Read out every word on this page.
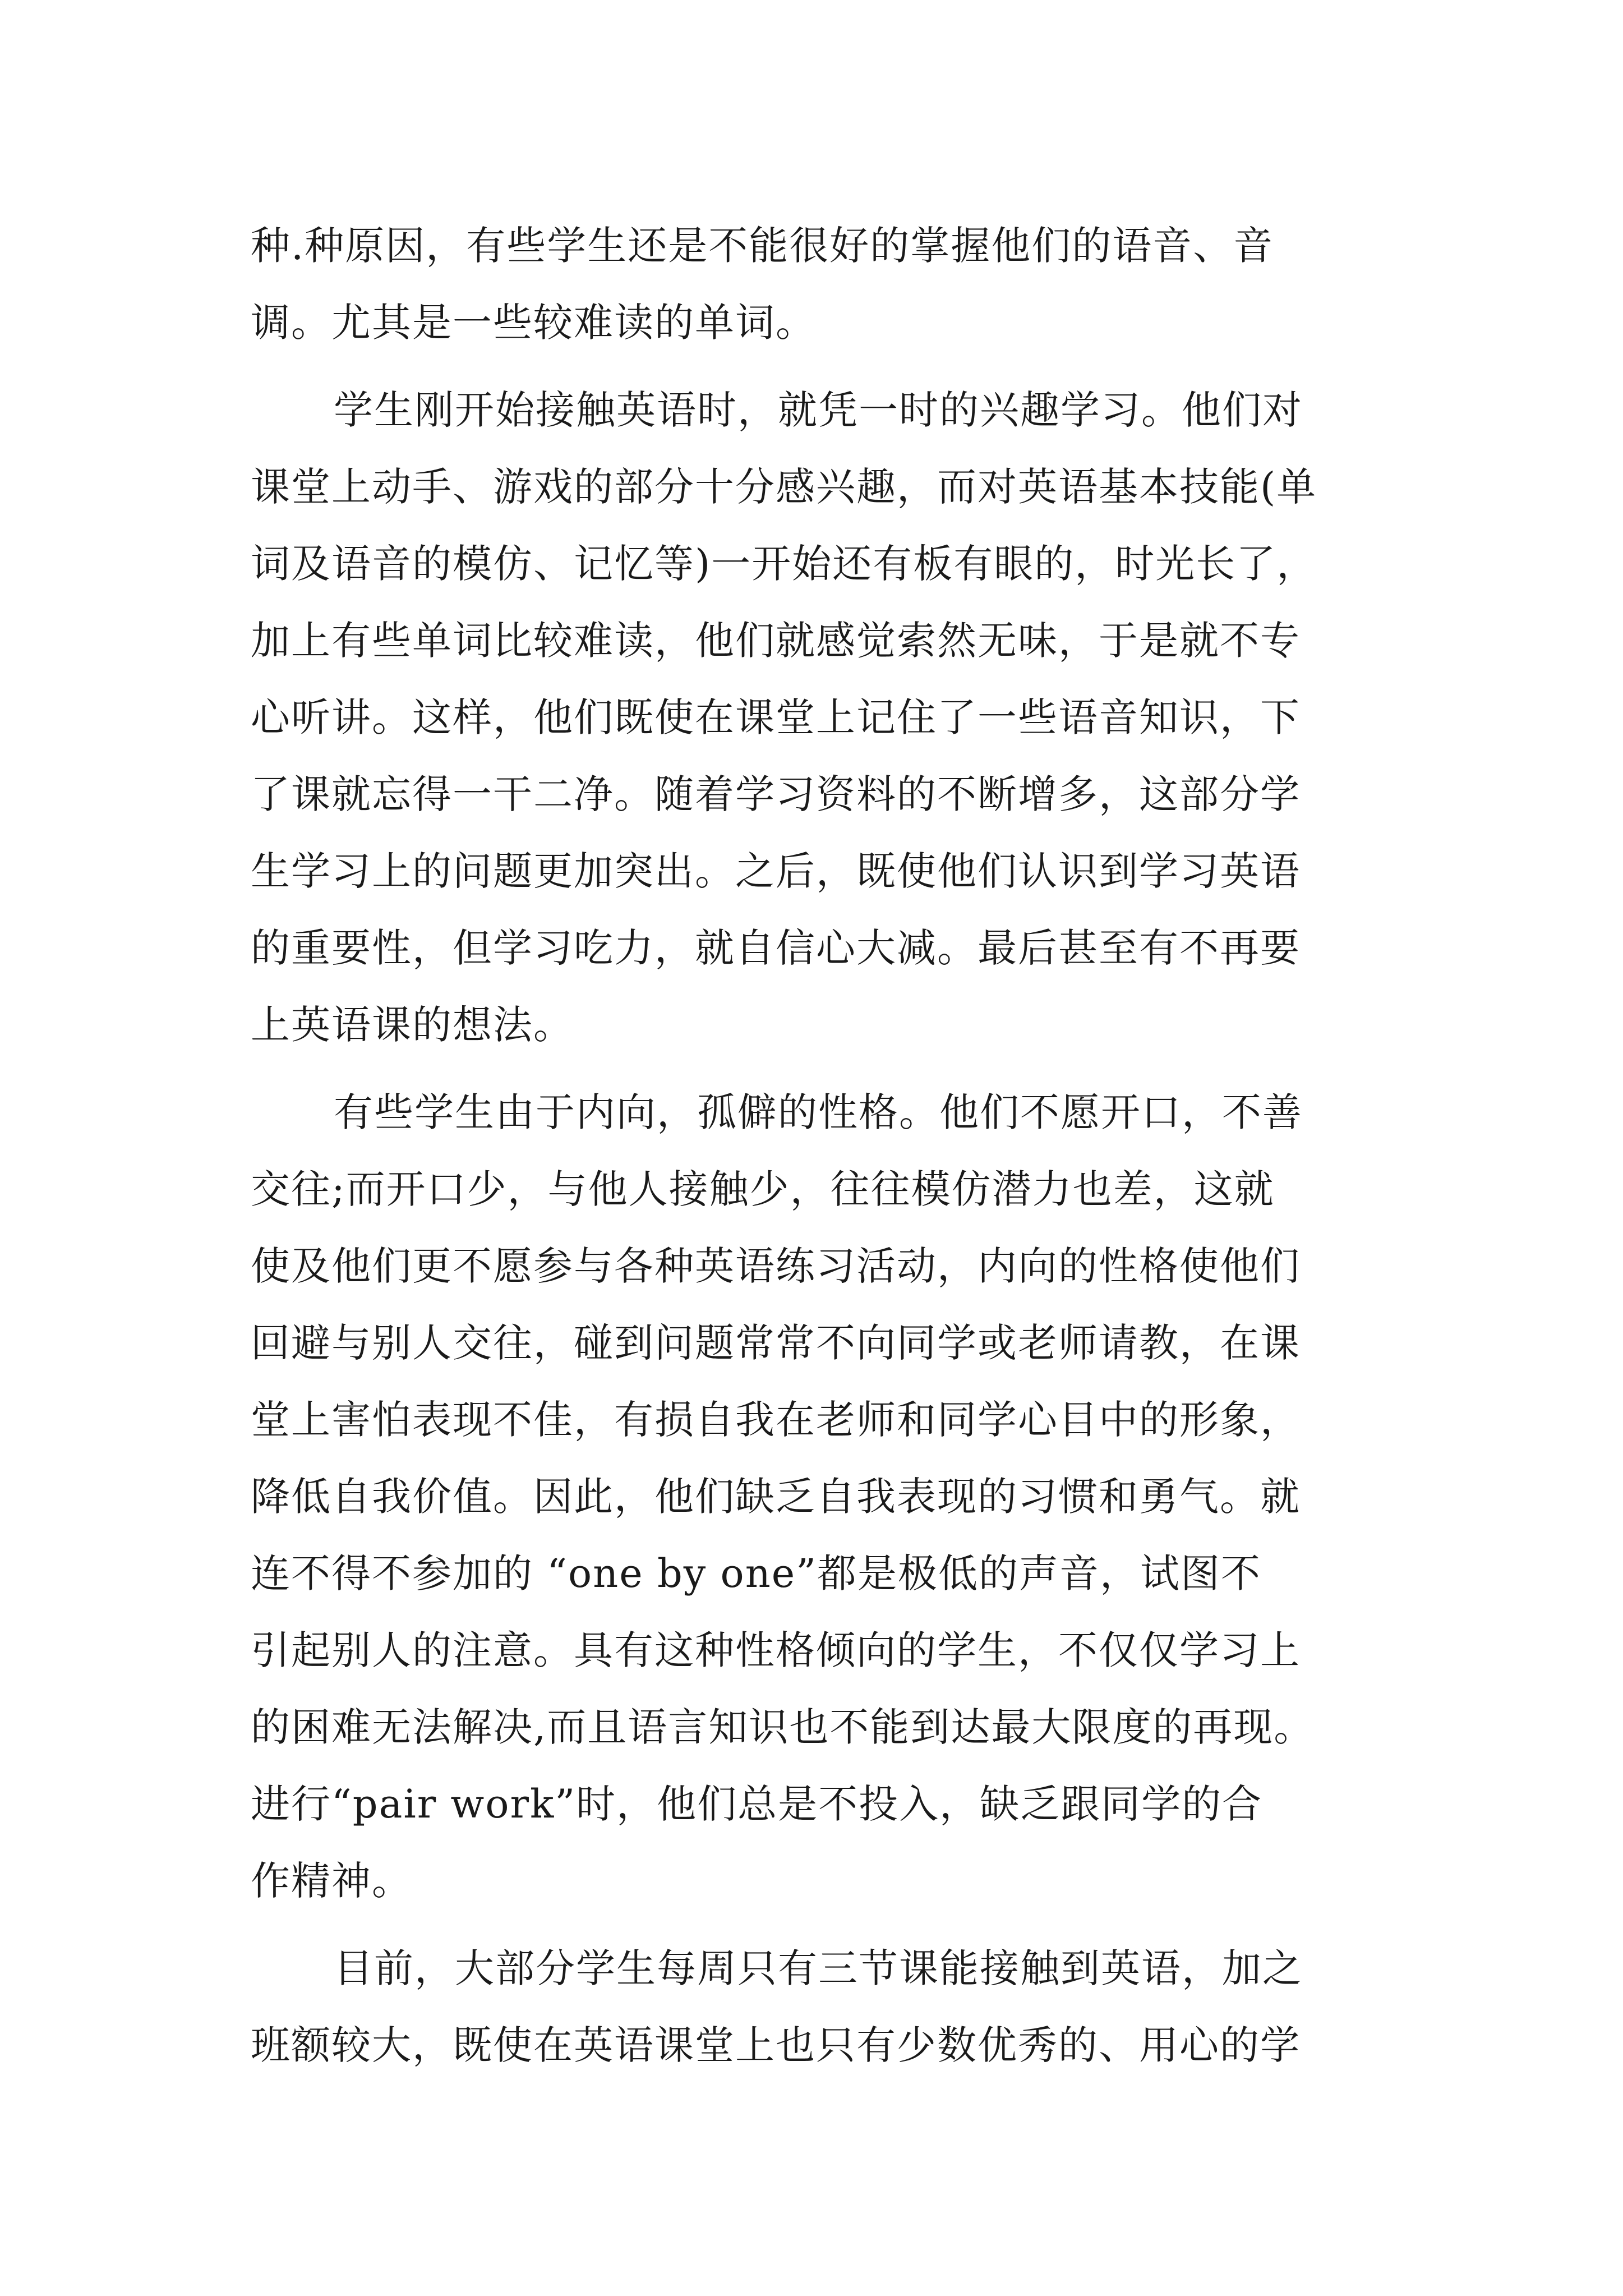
种.种原因，有些学生还是不能很好的掌握他们的语音、音
调。尤其是一些较难读的单词。
学生刚开始接触英语时，就凭一时的兴趣学习。他们对
课堂上动手、游戏的部分十分感兴趣，而对英语基本技能(单
词及语音的模仿、记忆等)一开始还有板有眼的，时光长了，
加上有些单词比较难读，他们就感觉索然无味，于是就不专
心听讲。这样，他们既使在课堂上记住了一些语音知识，下
了课就忘得一干二净。随着学习资料的不断增多，这部分学
生学习上的问题更加突出。之后，既使他们认识到学习英语
的重要性，但学习吃力，就自信心大减。最后甚至有不再要
上英语课的想法。
有些学生由于内向，孤僻的性格。他们不愿开口，不善
交往;而开口少，与他人接触少，往往模仿潜力也差，这就
使及他们更不愿参与各种英语练习活动，内向的性格使他们
回避与别人交往，碰到问题常常不向同学或老师请教，在课
堂上害怕表现不佳，有损自我在老师和同学心目中的形象，
降低自我价值。因此，他们缺乏自我表现的习惯和勇气。就
连不得不参加的 “one by one”都是极低的声音，试图不
引起别人的注意。具有这种性格倾向的学生，不仅仅学习上
的困难无法解决,而且语言知识也不能到达最大限度的再现。
进行“pair work”时，他们总是不投入，缺乏跟同学的合
作精神。
目前，大部分学生每周只有三节课能接触到英语，加之
班额较大，既使在英语课堂上也只有少数优秀的、用心的学
